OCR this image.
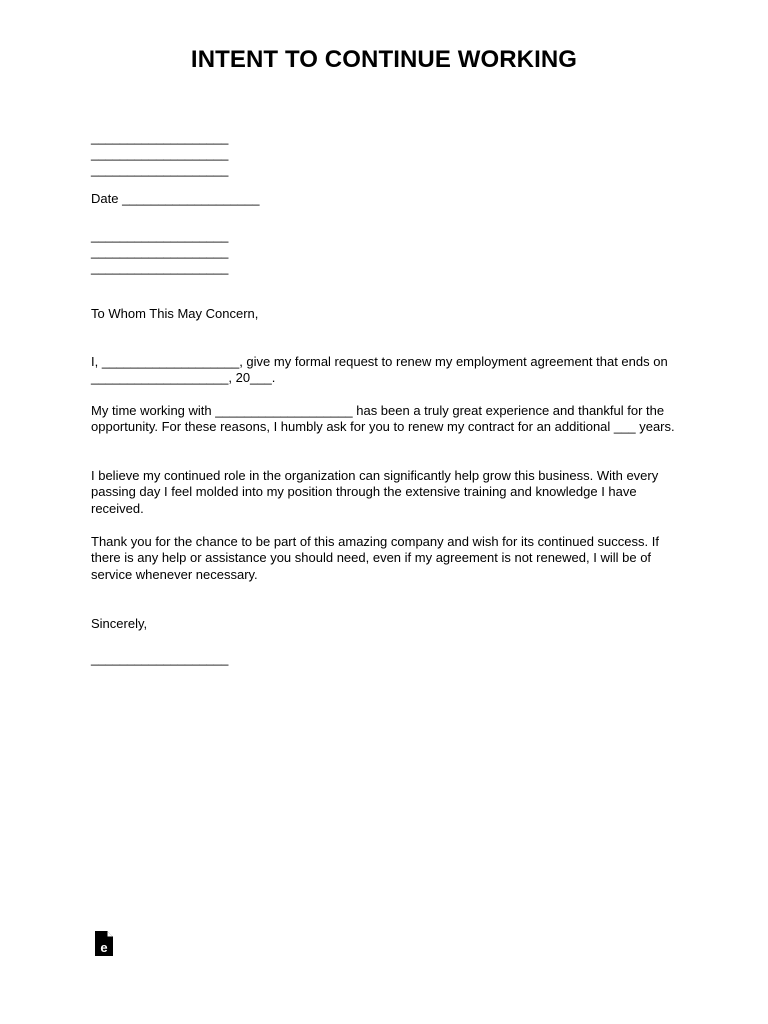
INTENT TO CONTINUE WORKING
___________________
___________________
___________________
Date ___________________
___________________
___________________
___________________
To Whom This May Concern,

I, ___________________, give my formal request to renew my employment agreement that ends on ___________________, 20___.

My time working with ___________________ has been a truly great experience and thankful for the opportunity. For these reasons, I humbly ask for you to renew my contract for an additional ___ years.

I believe my continued role in the organization can significantly help grow this business. With every passing day I feel molded into my position through the extensive training and knowledge I have received.

Thank you for the chance to be part of this amazing company and wish for its continued success. If there is any help or assistance you should need, even if my agreement is not renewed, I will be of service whenever necessary.

Sincerely,
___________________
e
